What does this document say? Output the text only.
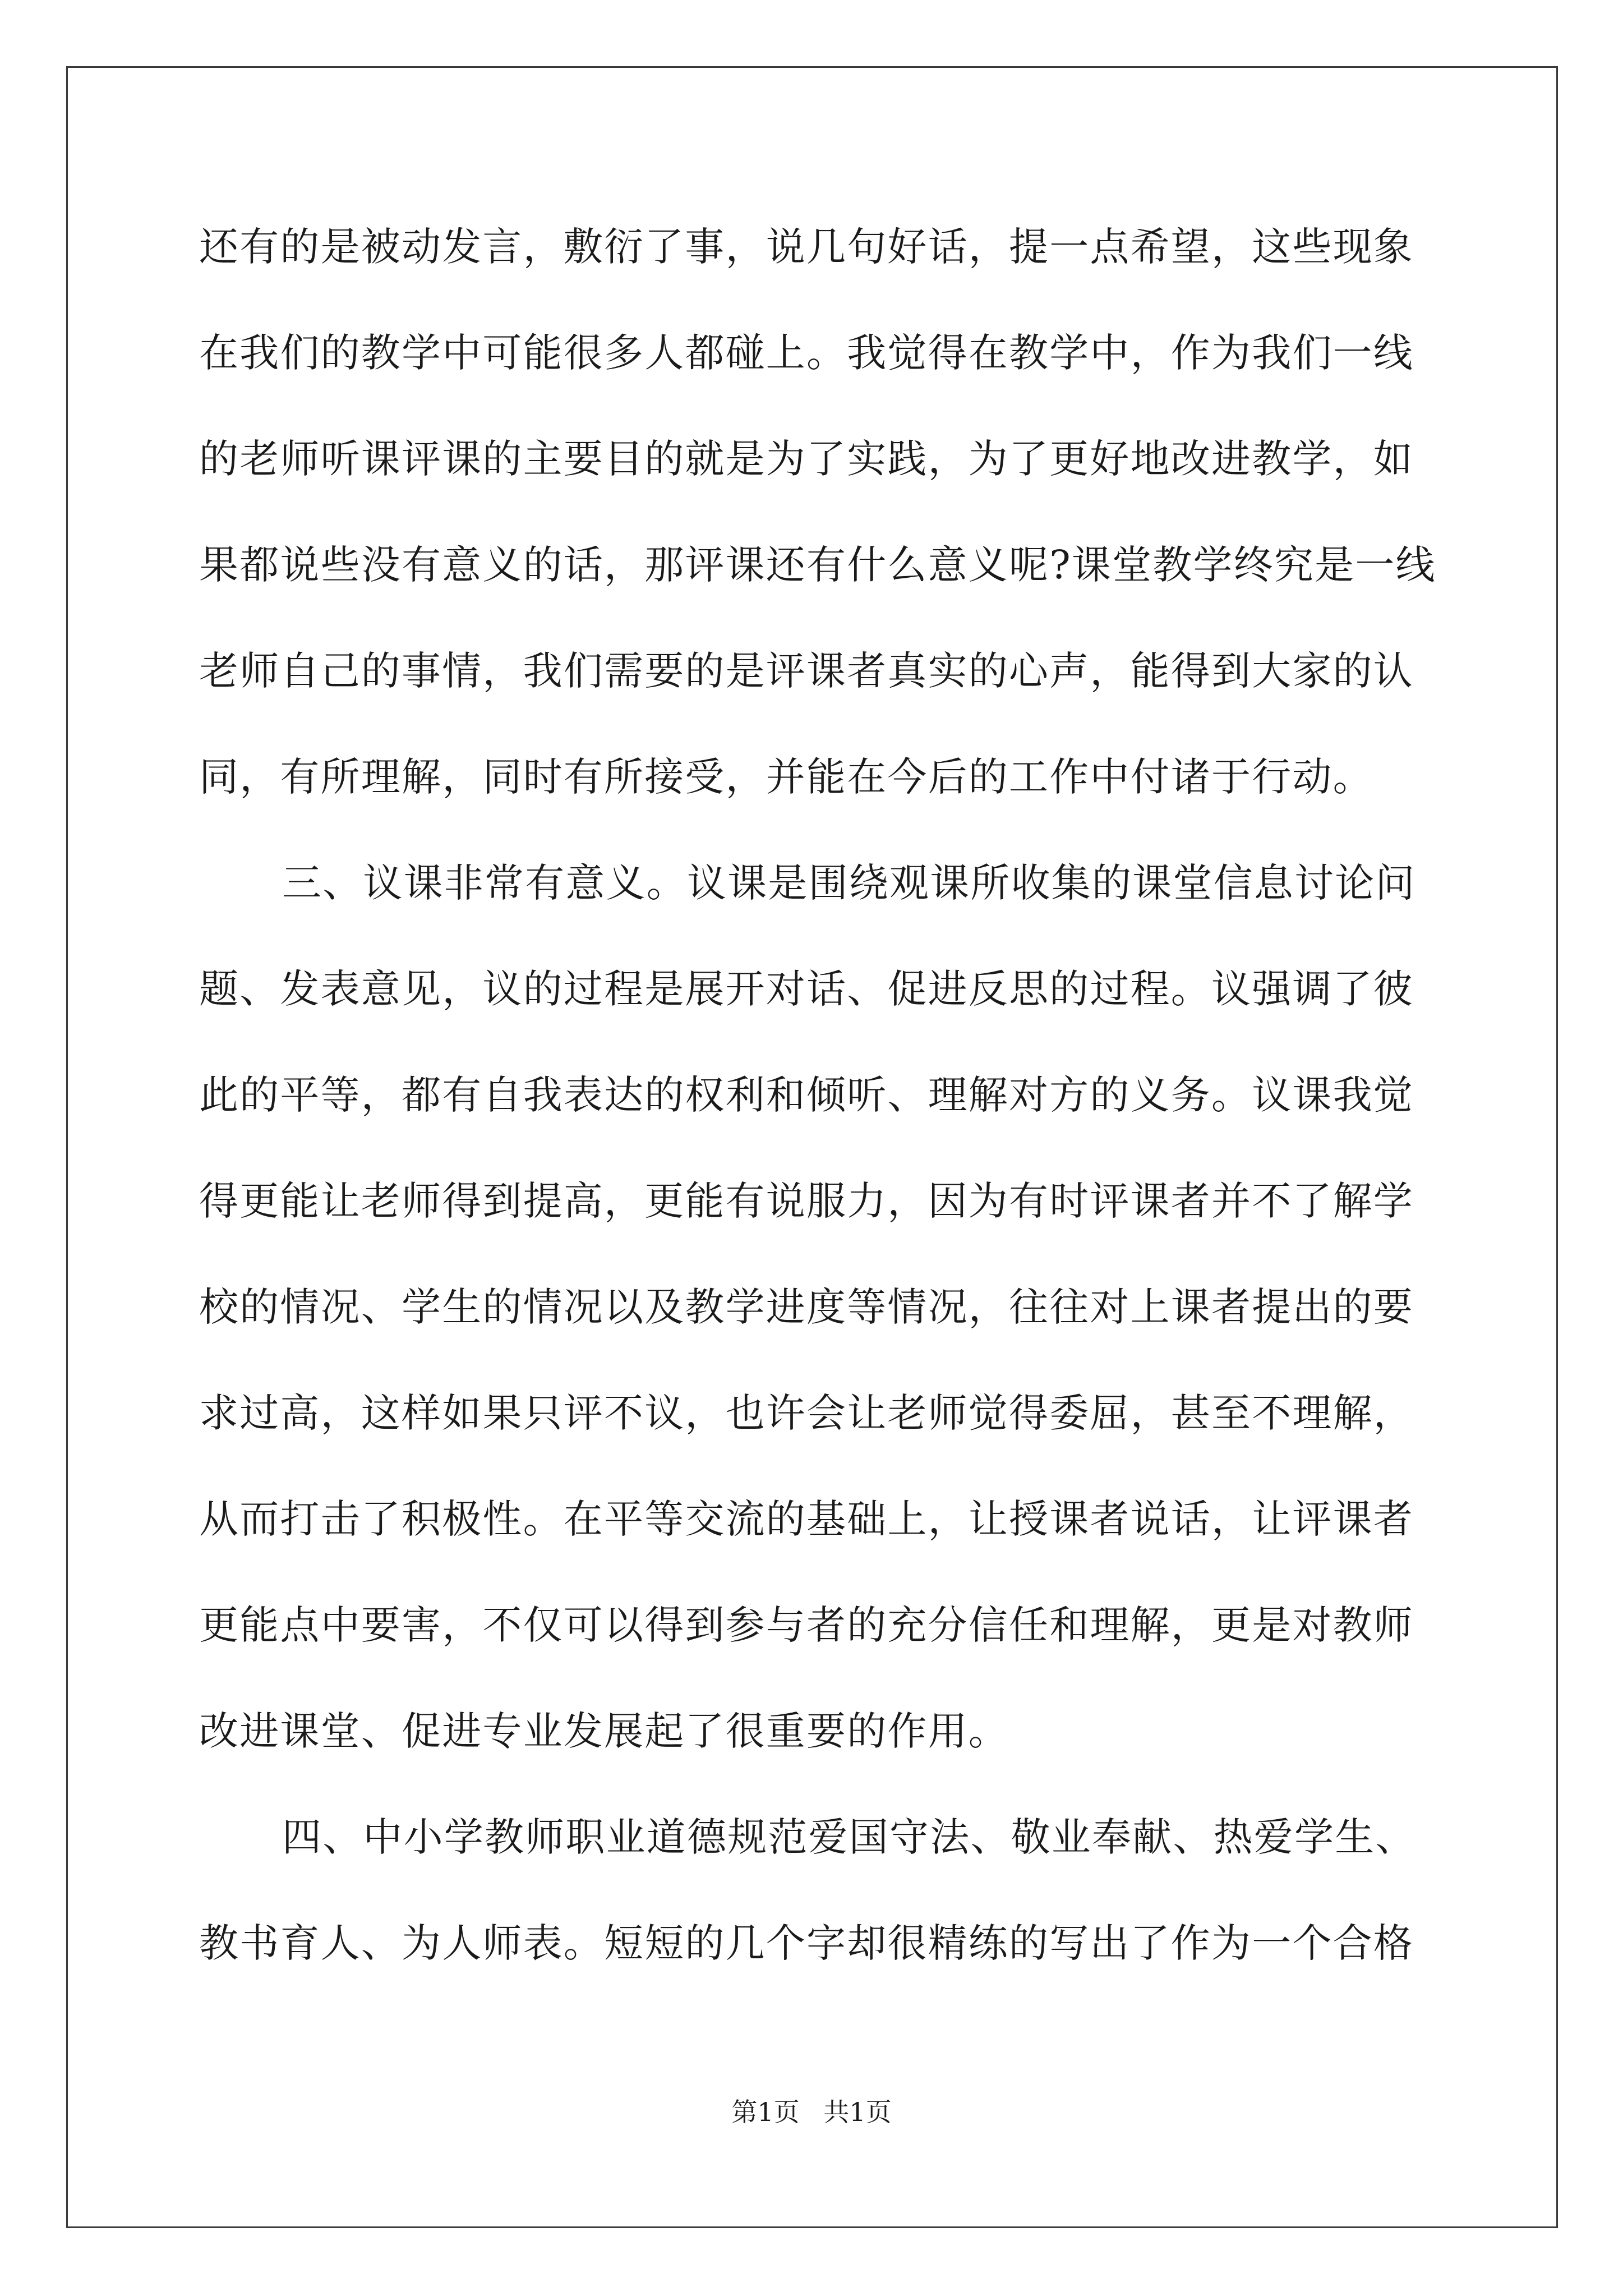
还有的是被动发言，敷衍了事，说几句好话，提一点希望，这些现象
在我们的教学中可能很多人都碰上。我觉得在教学中，作为我们一线
的老师听课评课的主要目的就是为了实践，为了更好地改进教学，如
果都说些没有意义的话，那评课还有什么意义呢?课堂教学终究是一线
老师自己的事情，我们需要的是评课者真实的心声，能得到大家的认
同，有所理解，同时有所接受，并能在今后的工作中付诸于行动。
三、议课非常有意义。议课是围绕观课所收集的课堂信息讨论问
题、发表意见，议的过程是展开对话、促进反思的过程。议强调了彼
此的平等，都有自我表达的权利和倾听、理解对方的义务。议课我觉
得更能让老师得到提高，更能有说服力，因为有时评课者并不了解学
校的情况、学生的情况以及教学进度等情况，往往对上课者提出的要
求过高，这样如果只评不议，也许会让老师觉得委屈，甚至不理解，
从而打击了积极性。在平等交流的基础上，让授课者说话，让评课者
更能点中要害，不仅可以得到参与者的充分信任和理解，更是对教师
改进课堂、促进专业发展起了很重要的作用。
四、中小学教师职业道德规范爱国守法、敬业奉献、热爱学生、
教书育人、为人师表。短短的几个字却很精练的写出了作为一个合格
第1页 共1页
